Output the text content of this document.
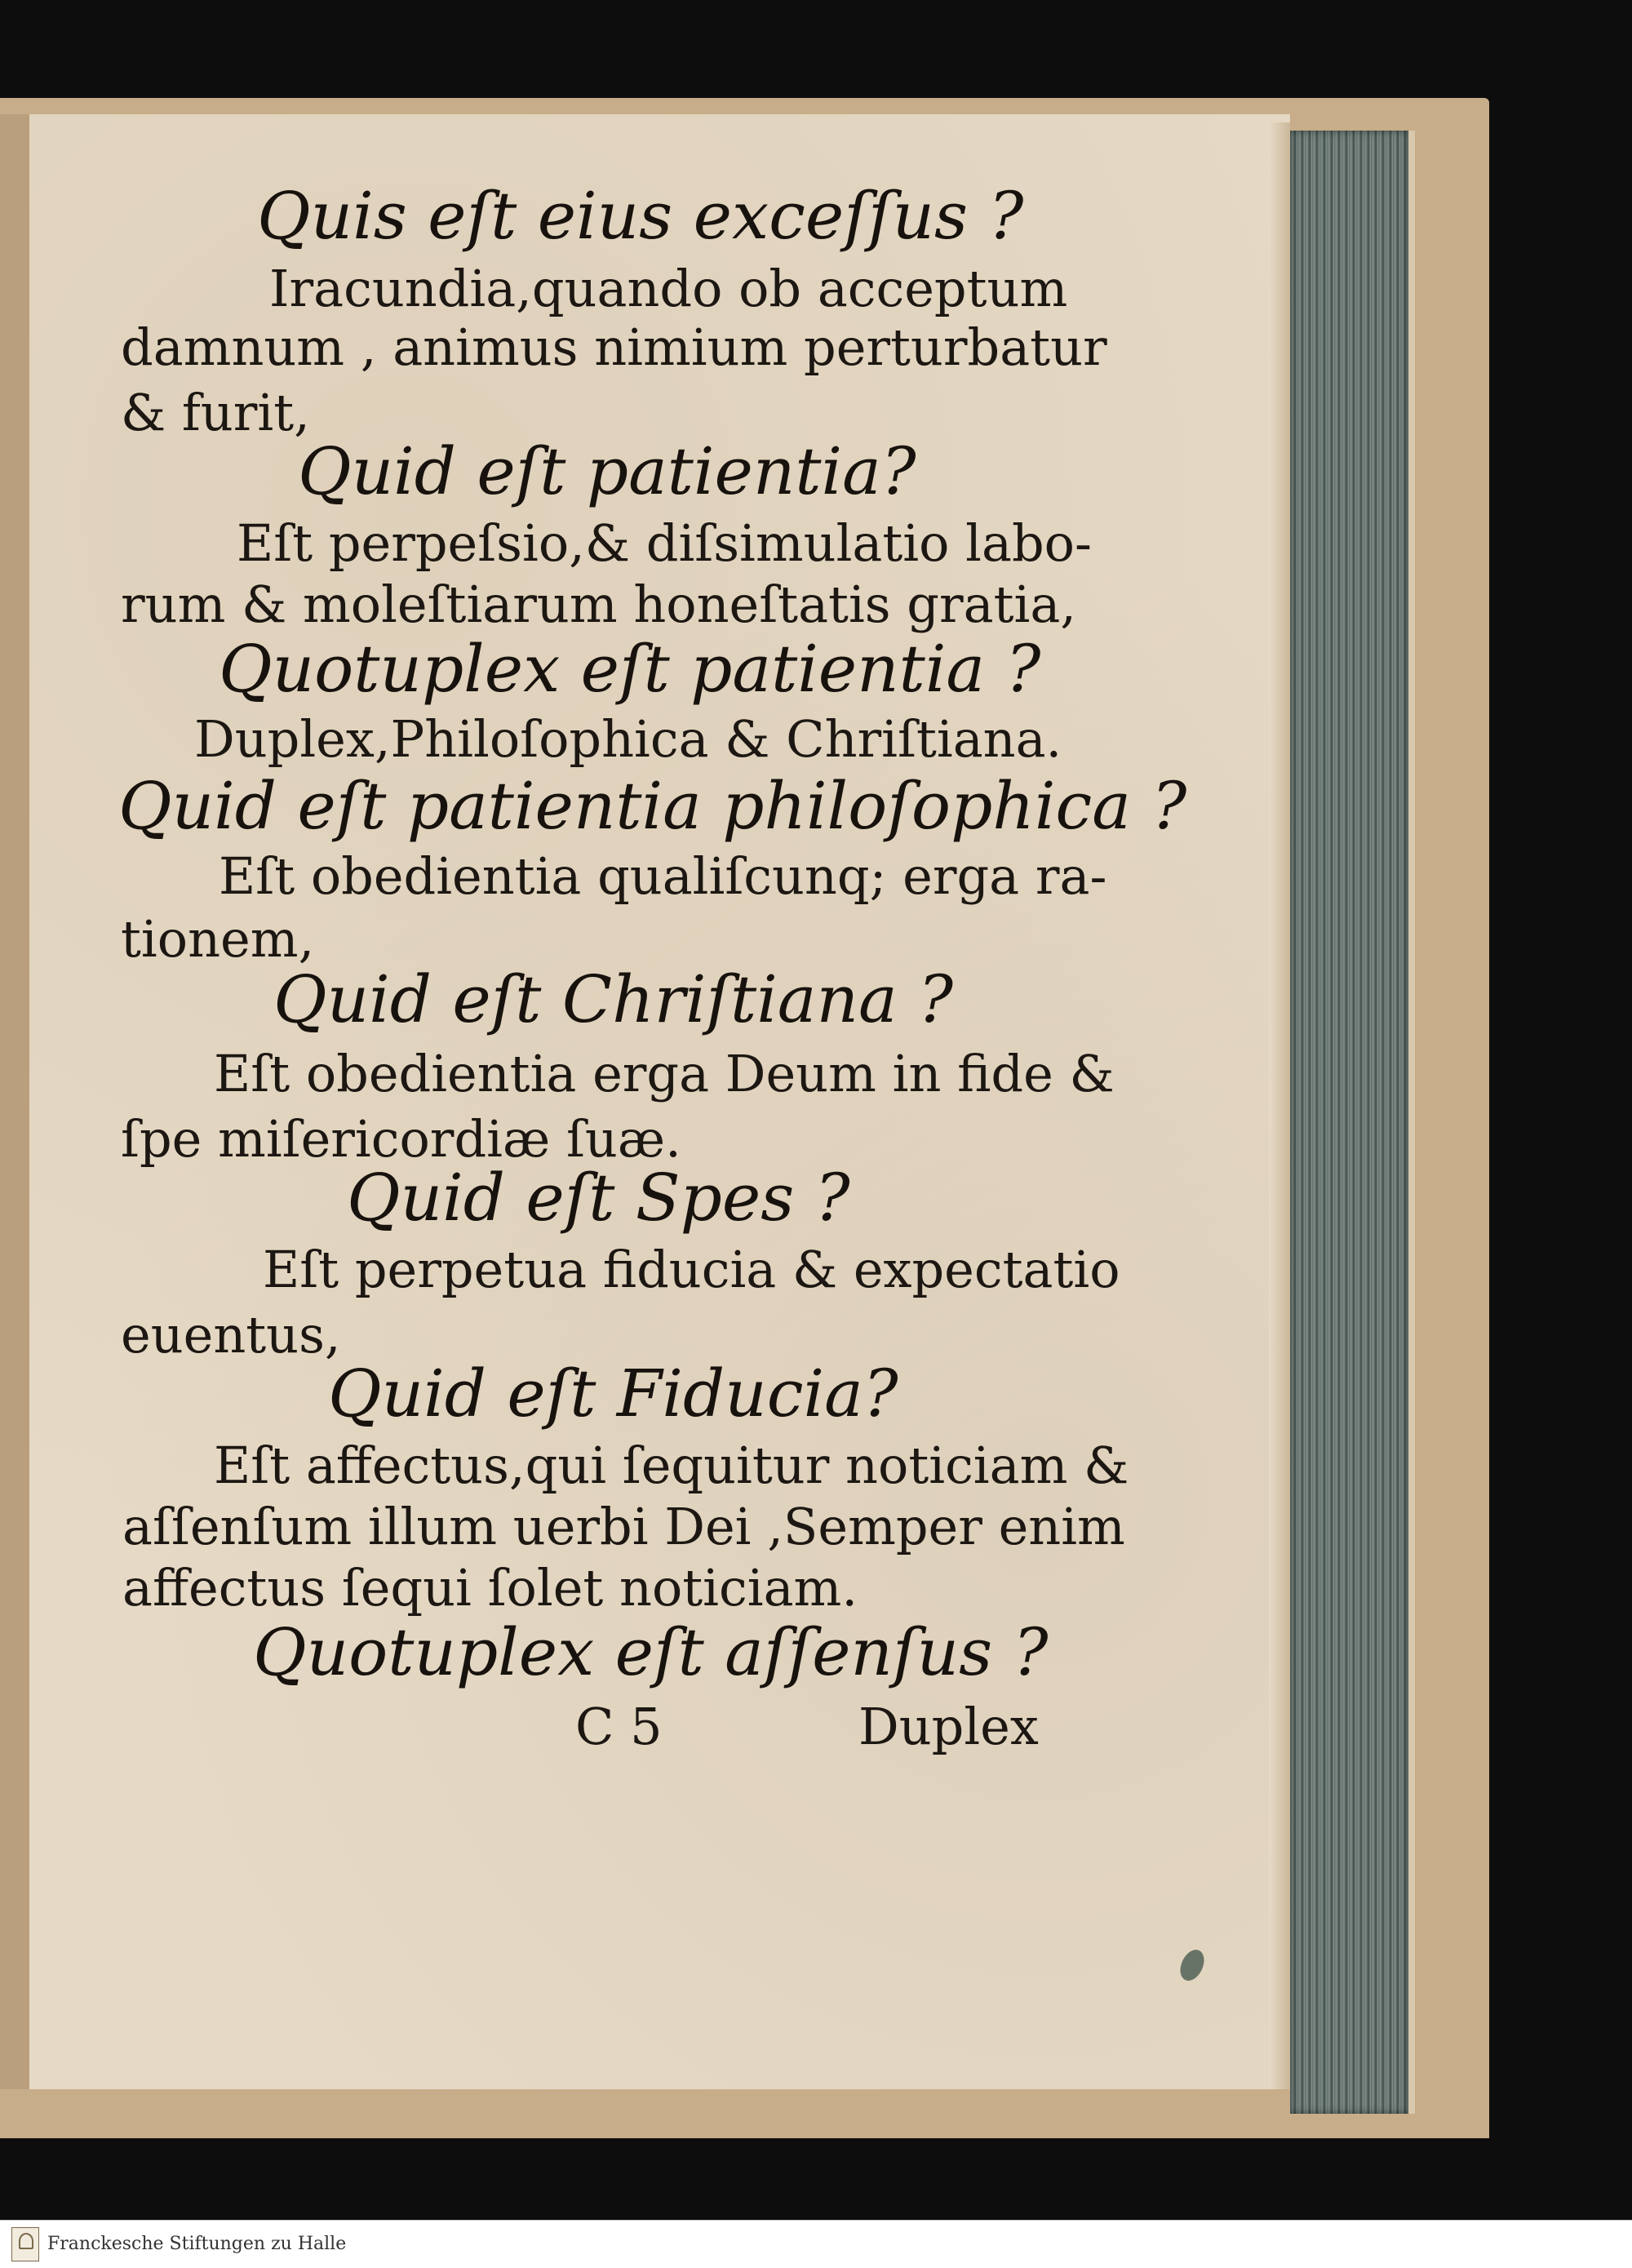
Quis eſt eius exceſſus ?
Iracundia,quando ob acceptum
damnum , animus nimium perturbatur
& furit,
Quid eſt patientia?
Eſt perpeſsio,& diſsimulatio labo-
rum & moleſtiarum honeſtatis gratia,
Quotuplex eſt patientia ?
Duplex,Philoſophica & Chriſtiana.
Quid eſt patientia philoſophica ?
Eſt obedientia qualiſcunq; erga ra-
tionem,
Quid eſt Chriſtiana ?
Eſt obedientia erga Deum in fide &
ſpe miſericordiæ ſuæ.
Quid eſt Spes ?
Eſt perpetua fiducia & expectatio
euentus,
Quid eſt Fiducia?
Eſt affectus,qui ſequitur noticiam &
aſſenſum illum uerbi Dei ,Semper enim
affectus ſequi ſolet noticiam.
Quotuplex eſt aſſenſus ?
C 5	Duplex
Franckesche Stiftungen zu Halle
